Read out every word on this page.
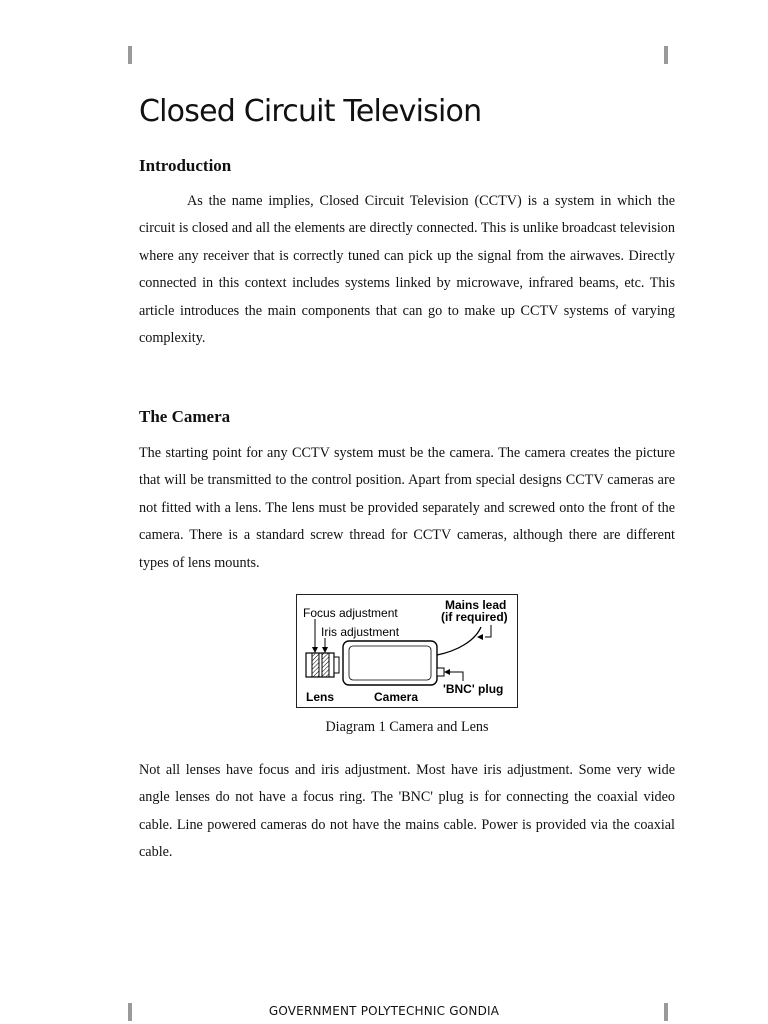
Closed Circuit Television
Introduction

As the name implies, Closed Circuit Television (CCTV) is a system in which the circuit is closed and all the elements are directly connected. This is unlike broadcast television where any receiver that is correctly tuned can pick up the signal from the airwaves. Directly connected in this context includes systems linked by microwave, infrared beams, etc. This article introduces the main components that can go to make up CCTV systems of varying complexity.

The Camera

The starting point for any CCTV system must be the camera. The camera creates the picture that will be transmitted to the control position. Apart from special designs CCTV cameras are not fitted with a lens. The lens must be provided separately and screwed onto the front of the camera. There is a standard screw thread for CCTV cameras, although there are different types of lens mounts.

Focus adjustment
Iris adjustment
Mains lead
(if required)
'BNC' plug
Lens	Camera

Diagram 1 Camera and Lens

Not all lenses have focus and iris adjustment. Most have iris adjustment. Some very wide angle lenses do not have a focus ring. The 'BNC' plug is for connecting the coaxial video cable. Line powered cameras do not have the mains cable. Power is provided via the coaxial cable.

GOVERNMENT POLYTECHNIC GONDIA
